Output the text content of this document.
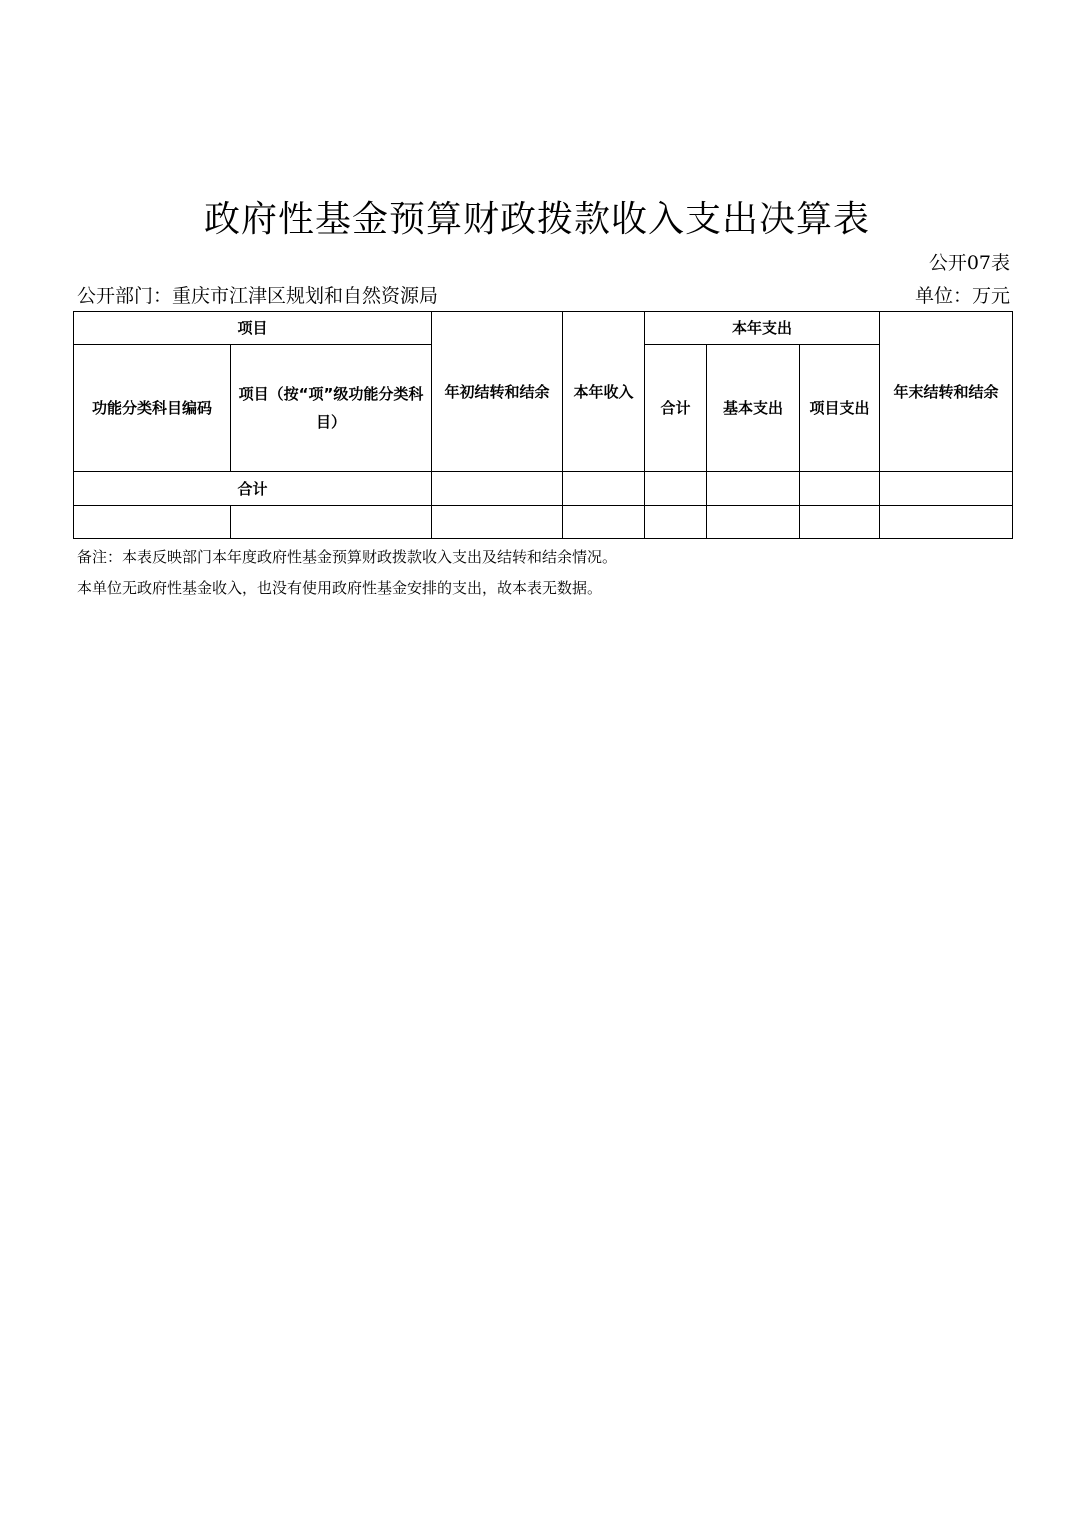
政府性基金预算财政拨款收入支出决算表
公开07表
公开部门：重庆市江津区规划和自然资源局	单位：万元
项目		年初结转和结余	本年收入	本年支出			年末结转和结余
功能分类科目编码	项目（按“项”级功能分类科目）			合计	基本支出	项目支出	
合计							

备注：本表反映部门本年度政府性基金预算财政拨款收入支出及结转和结余情况。
本单位无政府性基金收入，也没有使用政府性基金安排的支出，故本表无数据。
